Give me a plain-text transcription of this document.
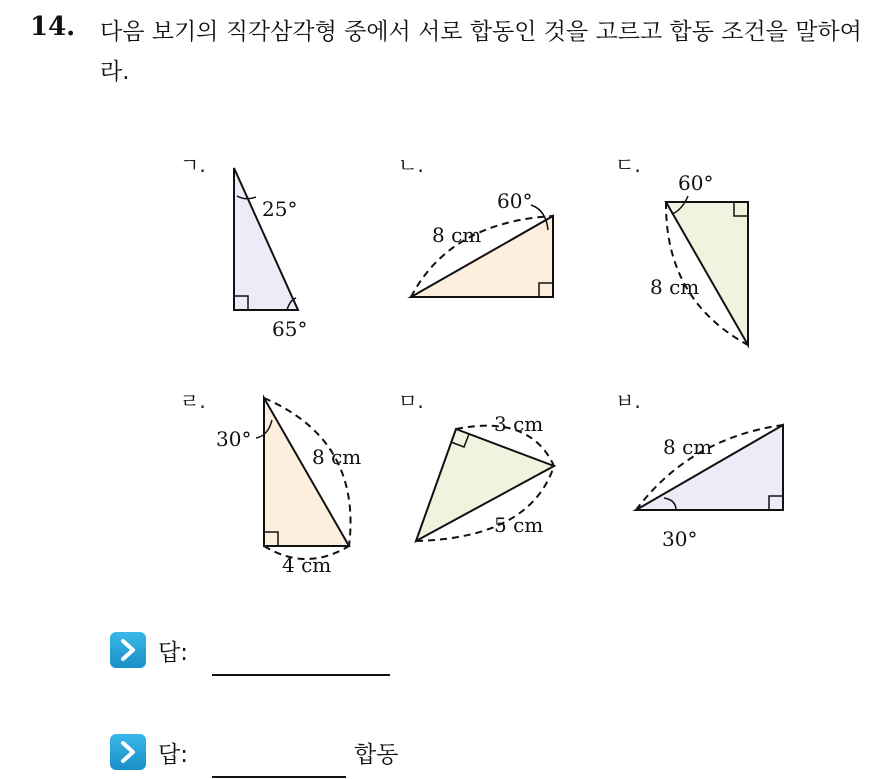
14. 다음 보기의 직각삼각형 중에서 서로 합동인 것을 고르고 합동 조건을 말하여라.
ㄱ.
25°
65°
ㄴ.
60°
8 cm
ㄷ.
60°
8 cm
ㄹ.
30°
8 cm
4 cm
ㅁ.
3 cm
5 cm
ㅂ.
8 cm
30°
답:
답:	합동
